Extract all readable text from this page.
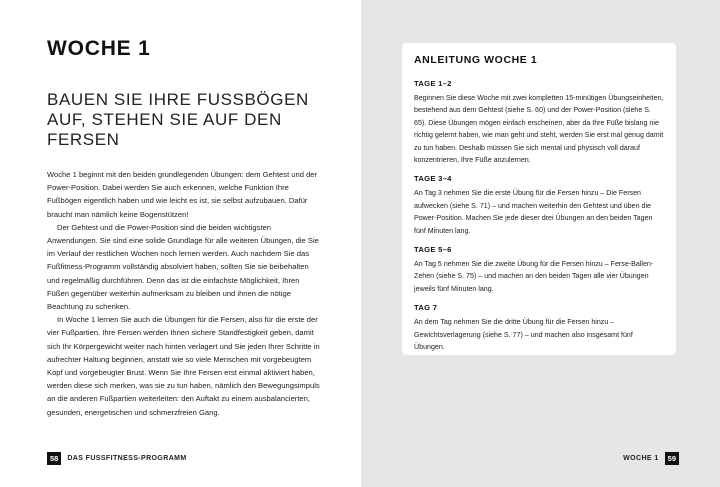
WOCHE 1
BAUEN SIE IHRE FUSSBÖGEN AUF, STEHEN SIE AUF DEN FERSEN

Woche 1 beginnt mit den beiden grundlegenden Übungen: dem Gehtest und der Power-Position. Dabei werden Sie auch erkennen, welche Funktion Ihre Fußbögen eigentlich haben und wie leicht es ist, sie selbst aufzubauen. Dafür braucht man nämlich keine Bogenstützen!

Der Gehtest und die Power-Position sind die beiden wichtigsten Anwendungen. Sie sind eine solide Grundlage für alle weiteren Übungen, die Sie im Verlauf der restlichen Wochen noch lernen werden. Auch nachdem Sie das Fußfitness-Programm vollständig absolviert haben, sollten Sie sie beibehalten und regelmäßig durchführen. Denn das ist die einfachste Möglichkeit, Ihren Füßen gegenüber weiterhin aufmerksam zu bleiben und ihnen die nötige Beachtung zu schenken.

In Woche 1 lernen Sie auch die Übungen für die Fersen, also für die erste der vier Fußpartien. Ihre Fersen werden Ihnen sichere Standfestigkeit geben, damit sich Ihr Körpergewicht weiter nach hinten verlagert und Sie jeden Ihrer Schritte in aufrechter Haltung beginnen, anstatt wie so viele Menschen mit vorgebeugtem Kopf und vorgebeugter Brust. Wenn Sie Ihre Fersen erst einmal aktiviert haben, werden diese sich merken, was sie zu tun haben, nämlich den Bewegungsimpuls an die anderen Fußpartien weiterleiten: den Auftakt zu einem ausbalancierten, gesunden, energetischen und schmerzfreien Gang.

58	DAS FUSSFITNESS-PROGRAMM	WOCHE 1	59
ANLEITUNG WOCHE 1
TAGE 1–2

Beginnen Sie diese Woche mit zwei kompletten 15-minütigen Übungseinheiten, bestehend aus dem Gehtest (siehe S. 60) und der Power-Position (siehe S. 65). Diese Übungen mögen einfach erscheinen, aber da Ihre Füße bislang nie richtig gelernt haben, wie man geht und steht, werden Sie erst mal genug damit zu tun haben. Deshalb müssen Sie sich mental und physisch voll darauf konzentrieren, Ihre Füße anzulernen.

TAGE 3–4

An Tag 3 nehmen Sie die erste Übung für die Fersen hinzu – Die Fersen aufwecken (siehe S. 71) – und machen weiterhin den Gehtest und üben die Power-Position. Machen Sie jede dieser drei Übungen an den beiden Tagen fünf Minuten lang.

TAGE 5–6

An Tag 5 nehmen Sie die zweite Übung für die Fersen hinzu – Ferse-Ballen-Zehen (siehe S. 75) – und machen an den beiden Tagen alle vier Übungen jeweils fünf Minuten lang.

TAG 7

An dem Tag nehmen Sie die dritte Übung für die Fersen hinzu – Gewichtsverlagerung (siehe S. 77) – und machen also insgesamt fünf Übungen.
